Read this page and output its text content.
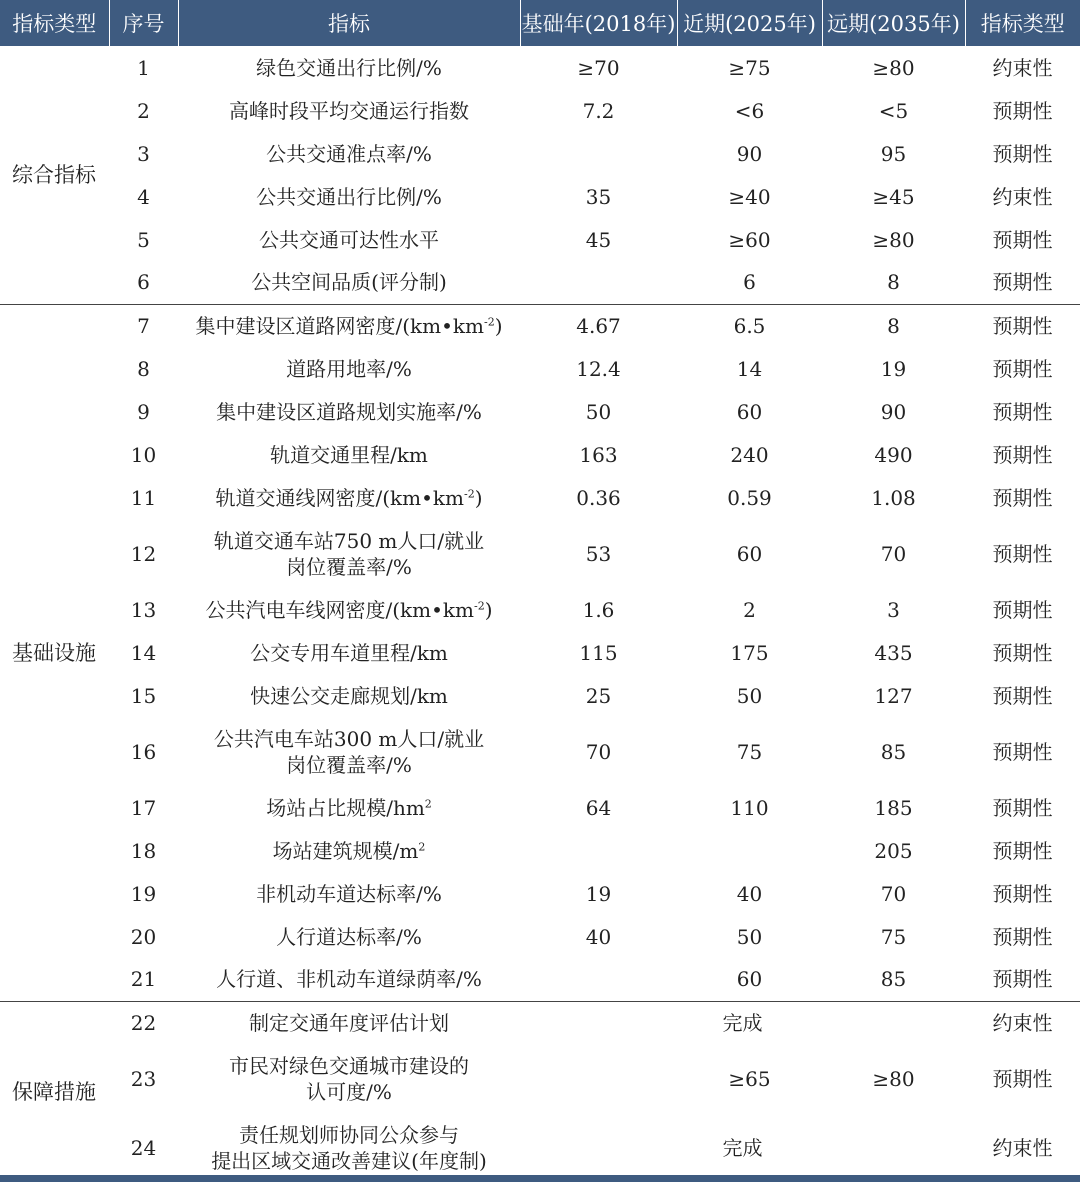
指标类型	序号	指标	基础年(2018年)	近期(2025年)	远期(2035年)	指标类型
综合指标	1	绿色交通出行比例/%	≥70	≥75	≥80	约束性
	2	高峰时段平均交通运行指数	7.2	<6	<5	预期性
	3	公共交通准点率/%		90	95	预期性
	4	公共交通出行比例/%	35	≥40	≥45	约束性
	5	公共交通可达性水平	45	≥60	≥80	预期性
	6	公共空间品质(评分制)		6	8	预期性
基础设施	7	集中建设区道路网密度$/(km•km^{-2})$	4.67	6.5	8	预期性
	8	道路用地率/%	12.4	14	19	预期性
	9	集中建设区道路规划实施率/%	50	60	90	预期性
	10	轨道交通里程/km	163	240	490	预期性
	11	轨道交通线网密度$/(km•km^{-2})$	0.36	0.59	1.08	预期性
	12	轨道交通车站750 m人口/就业
岗位覆盖率/%	53	60	70	预期性
	13	公共汽电车线网密度$/(km•km^{-2})$	1.6	2	3	预期性
	14	公交专用车道里程/km	115	175	435	预期性
	15	快速公交走廊规划/km	25	50	127	预期性
	16	公共汽电车站300 m人口/就业
岗位覆盖率/%	70	75	85	预期性
	17	场站占比规模$/hm^2$	64	110	185	预期性
	18	场站建筑规模$/m^2$			205	预期性
	19	非机动车道达标率/%	19	40	70	预期性
	20	人行道达标率/%	40	50	75	预期性
	21	人行道、非机动车道绿荫率/%		60	85	预期性
保障措施	22	制定交通年度评估计划	完成			约束性
	23	市民对绿色交通城市建设的
认可度/%		≥65	≥80	预期性
	24	责任规划师协同公众参与
提出区域交通改善建议(年度制)	完成			约束性
